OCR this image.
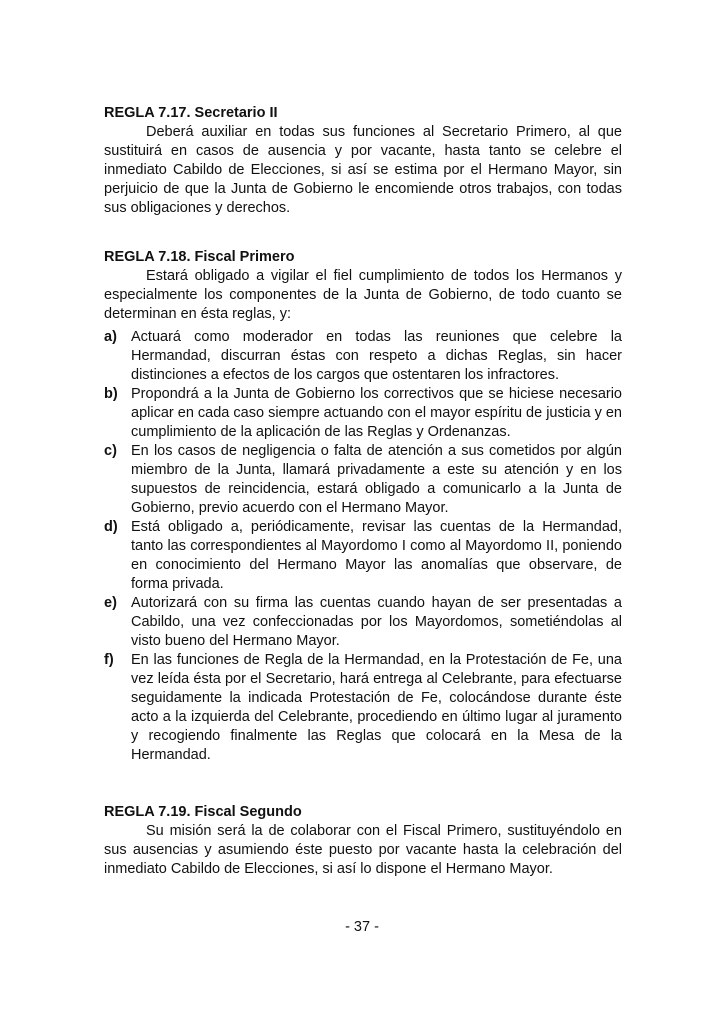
REGLA 7.17. Secretario II

Deberá auxiliar en todas sus funciones al Secretario Primero, al que sustituirá en casos de ausencia y por vacante, hasta tanto se celebre el inmediato Cabildo de Elecciones, si así se estima por el Hermano Mayor, sin perjuicio de que la Junta de Gobierno le encomiende otros trabajos, con todas sus obligaciones y derechos.

REGLA 7.18. Fiscal Primero

Estará obligado a vigilar el fiel cumplimiento de todos los Hermanos y especialmente los componentes de la Junta de Gobierno, de todo cuanto se determinan en ésta reglas, y:

a) Actuará como moderador en todas las reuniones que celebre la Hermandad, discurran éstas con respeto a dichas Reglas, sin hacer distinciones a efectos de los cargos que ostentaren los infractores.
b) Propondrá a la Junta de Gobierno los correctivos que se hiciese necesario aplicar en cada caso siempre actuando con el mayor espíritu de justicia y en cumplimiento de la aplicación de las Reglas y Ordenanzas.
c) En los casos de negligencia o falta de atención a sus cometidos por algún miembro de la Junta, llamará privadamente a este su atención y en los supuestos de reincidencia, estará obligado a comunicarlo a la Junta de Gobierno, previo acuerdo con el Hermano Mayor.
d) Está obligado a, periódicamente, revisar las cuentas de la Hermandad, tanto las correspondientes al Mayordomo I como al Mayordomo II, poniendo en conocimiento del Hermano Mayor las anomalías que observare, de forma privada.
e) Autorizará con su firma las cuentas cuando hayan de ser presentadas a Cabildo, una vez confeccionadas por los Mayordomos, sometiéndolas al visto bueno del Hermano Mayor.
f)	En las funciones de Regla de la Hermandad, en la Protestación de Fe, una vez leída ésta por el Secretario, hará entrega al Celebrante, para efectuarse seguidamente la indicada Protestación de Fe, colocándose durante éste acto a la izquierda del Celebrante, procediendo en último lugar al juramento y recogiendo finalmente las Reglas que colocará en la Mesa de la Hermandad.
REGLA 7.19. Fiscal Segundo

Su misión será la de colaborar con el Fiscal Primero, sustituyéndolo en sus ausencias y asumiendo éste puesto por vacante hasta la celebración del inmediato Cabildo de Elecciones, si así lo dispone el Hermano Mayor.

- 37 -
